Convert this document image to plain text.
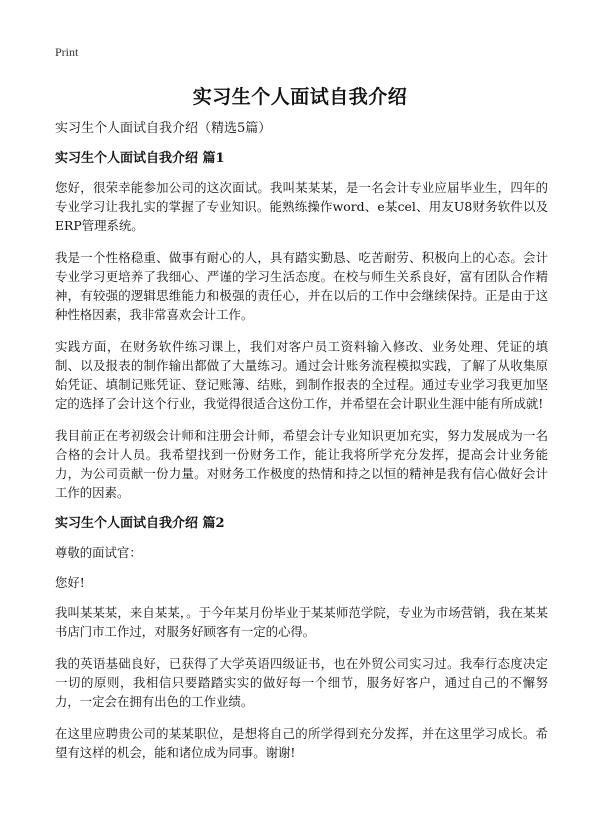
Print
实习生个人面试自我介绍
实习生个人面试自我介绍（精选5篇）
实习生个人面试自我介绍 篇1

您好，很荣幸能参加公司的这次面试。我叫某某某，是一名会计专业应届毕业生，四年的专业学习让我扎实的掌握了专业知识。能熟练操作word、e某cel、用友U8财务软件以及ERP管理系统。

我是一个性格稳重、做事有耐心的人，具有踏实勤恳、吃苦耐劳、积极向上的心态。会计专业学习更培养了我细心、严谨的学习生活态度。在校与师生关系良好，富有团队合作精神，有较强的逻辑思维能力和极强的责任心，并在以后的工作中会继续保持。正是由于这种性格因素，我非常喜欢会计工作。

实践方面，在财务软件练习课上，我们对客户员工资料输入修改、业务处理、凭证的填制、以及报表的制作输出都做了大量练习。通过会计账务流程模拟实践，了解了从收集原始凭证、填制记账凭证、登记账簿、结账，到制作报表的全过程。通过专业学习我更加坚定的选择了会计这个行业，我觉得很适合这份工作，并希望在会计职业生涯中能有所成就!

我目前正在考初级会计师和注册会计师，希望会计专业知识更加充实，努力发展成为一名合格的会计人员。我希望找到一份财务工作，能让我将所学充分发挥，提高会计业务能力，为公司贡献一份力量。对财务工作极度的热情和持之以恒的精神是我有信心做好会计工作的因素。

实习生个人面试自我介绍 篇2

尊敬的面试官：

您好!

我叫某某某，来自某某，。于今年某月份毕业于某某师范学院，专业为市场营销，我在某某书店门市工作过，对服务好顾客有一定的心得。

我的英语基础良好，已获得了大学英语四级证书，也在外贸公司实习过。我奉行态度决定一切的原则，我相信只要踏踏实实的做好每一个细节，服务好客户，通过自己的不懈努力，一定会在拥有出色的工作业绩。

在这里应聘贵公司的某某职位，是想将自己的所学得到充分发挥，并在这里学习成长。希望有这样的机会，能和诸位成为同事。谢谢!
